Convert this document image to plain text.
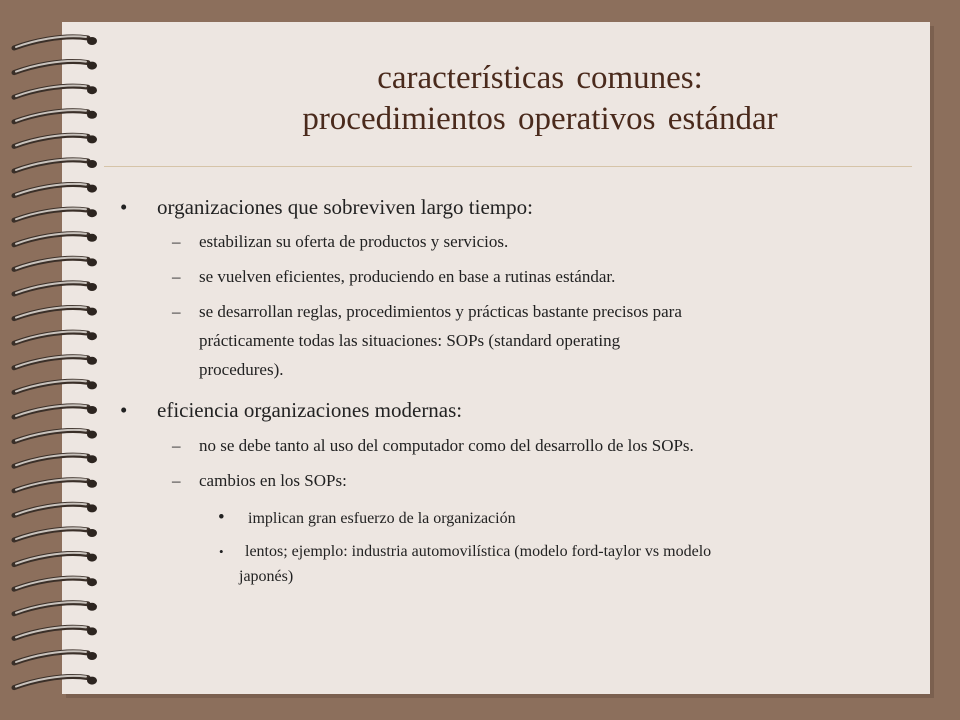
características comunes:
procedimientos operativos estándar
• organizaciones que sobreviven largo tiempo:
– estabilizan su oferta de productos y servicios.
– se vuelven eficientes, produciendo en base a rutinas estándar.
– se desarrollan reglas, procedimientos y prácticas bastante precisos para
prácticamente todas las situaciones: SOPs (standard operating
procedures).
• eficiencia organizaciones modernas:
– no se debe tanto al uso del computador como del desarrollo de los SOPs.
– cambios en los SOPs:
• implican gran esfuerzo de la organización
• lentos; ejemplo: industria automovilística (modelo ford-taylor vs modelo
japonés)
